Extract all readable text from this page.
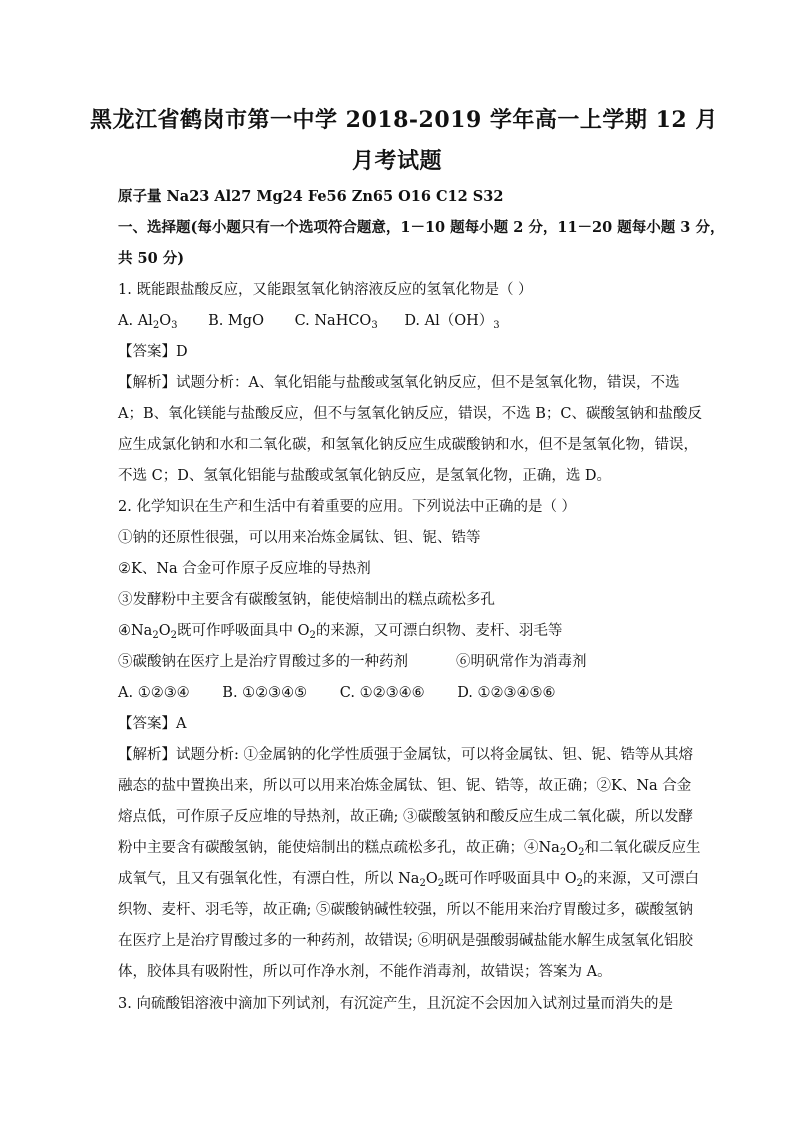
黑龙江省鹤岗市第一中学 2018-2019 学年高一上学期 12 月
月考试题
原子量 Na23 Al27 Mg24 Fe56 Zn65 O16 C12 S32
一、选择题(每小题只有一个选项符合题意，1－10 题每小题 2 分，11－20 题每小题 3 分，
共 50 分)
1. 既能跟盐酸反应，又能跟氢氧化钠溶液反应的氢氧化物是（ ）
A. $Al_2O_3$ B. MgO C. NaHCO$_3$ D. $Al(OH)_3$
【答案】D
【解析】试题分析：A、氧化铝能与盐酸或氢氧化钠反应，但不是氢氧化物，错误，不选
A；B、氧化镁能与盐酸反应，但不与氢氧化钠反应，错误，不选 B；C、碳酸氢钠和盐酸反
应生成氯化钠和水和二氧化碳，和氢氧化钠反应生成碳酸钠和水，但不是氢氧化物，错误，
不选 C；D、氢氧化铝能与盐酸或氢氧化钠反应，是氢氧化物，正确，选 D。
2. 化学知识在生产和生活中有着重要的应用。下列说法中正确的是（ ）
①钠的还原性很强，可以用来冶炼金属钛、钽、铌、锆等
②K、Na 合金可作原子反应堆的导热剂
③发酵粉中主要含有碳酸氢钠，能使焙制出的糕点疏松多孔
$④Na_2O_2$既可作呼吸面具中 $O_2$的来源，又可漂白织物、麦杆、羽毛等
⑤碳酸钠在医疗上是治疗胃酸过多的一种药剂	⑥明矾常作为消毒剂
A. ①②③④ B. ①②③④⑤ C. ①②③④⑥ D. ①②③④⑤⑥
【答案】A
【解析】试题分析: ①金属钠的化学性质强于金属钛，可以将金属钛、钽、铌、锆等从其熔
融态的盐中置换出来，所以可以用来冶炼金属钛、钽、铌、锆等，故正确；②K、Na 合金
熔点低，可作原子反应堆的导热剂，故正确; ③碳酸氢钠和酸反应生成二氧化碳，所以发酵
粉中主要含有碳酸氢钠，能使焙制出的糕点疏松多孔，故正确；$④Na_2O_2$和二氧化碳反应生
成氧气，且又有强氧化性，有漂白性，所以 $Na_2O_2$既可作呼吸面具中 $O_2$的来源，又可漂白
织物、麦杆、羽毛等，故正确; ⑤碳酸钠碱性较强，所以不能用来治疗胃酸过多，碳酸氢钠
在医疗上是治疗胃酸过多的一种药剂，故错误; ⑥明矾是强酸弱碱盐能水解生成氢氧化铝胶
体，胶体具有吸附性，所以可作净水剂，不能作消毒剂，故错误；答案为 A。
3. 向硫酸铝溶液中滴加下列试剂，有沉淀产生，且沉淀不会因加入试剂过量而消失的是
